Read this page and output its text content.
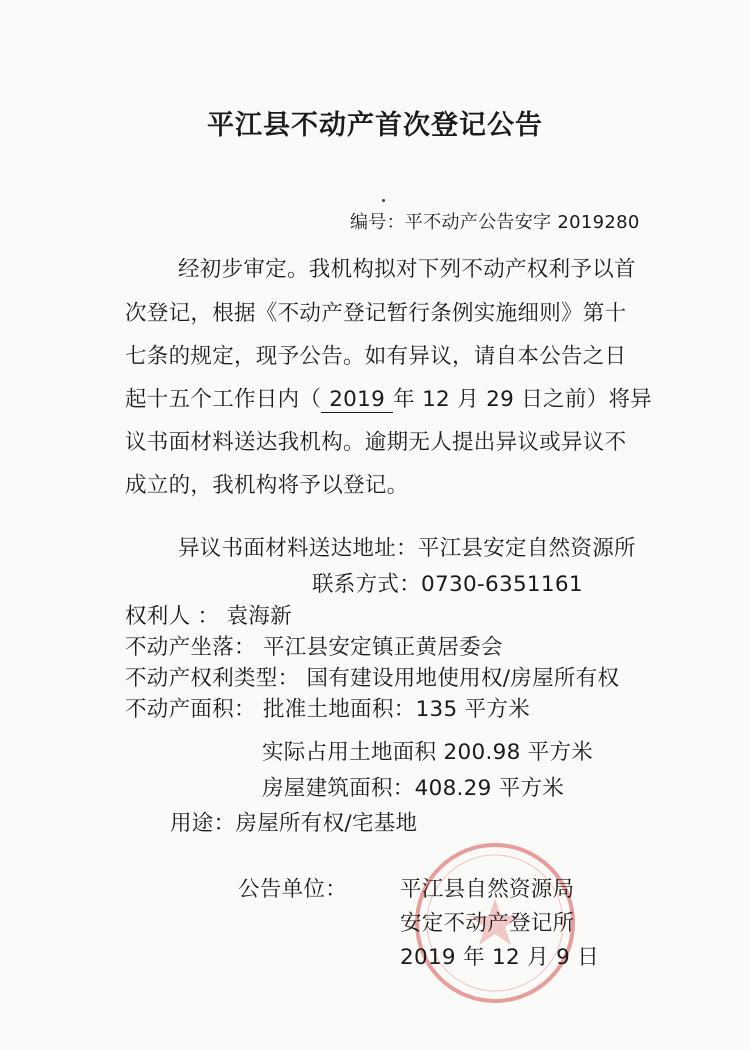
平江县不动产首次登记公告
编号：平不动产公告安字 2019280
经初步审定。我机构拟对下列不动产权利予以首
次登记，根据《不动产登记暂行条例实施细则》第十
七条的规定，现予公告。如有异议，请自本公告之日
起十五个工作日内（ 2019 年 12 月 29 日之前）将异
议书面材料送达我机构。逾期无人提出异议或异议不
成立的，我机构将予以登记。
异议书面材料送达地址：平江县安定自然资源所
联系方式：0730-6351161
权利人 ： 袁海新
不动产坐落： 平江县安定镇正黄居委会
不动产权利类型： 国有建设用地使用权/房屋所有权
不动产面积： 批准土地面积：135 平方米
实际占用土地面积 200.98 平方米
房屋建筑面积：408.29 平方米
用途：房屋所有权/宅基地
公告单位： 平江县自然资源局
安定不动产登记所
2019 年 12 月 9 日
